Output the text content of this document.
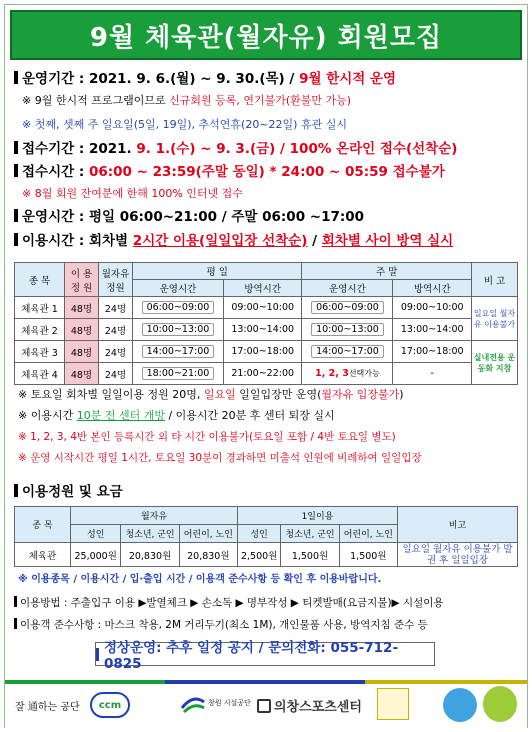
9월 체육관(월자유) 회원모집
운영기간 : 2021. 9. 6.(월) ~ 9. 30.(목) / 9월 한시적 운영
※ 9월 한시적 프로그램이므로 신규회원 등록, 연기불가(환불만 가능)
※ 첫째, 셋째 주 일요일(5일, 19일), 추석연휴(20~22일) 휴관 실시
접수기간 : 2021. 9. 1.(수) ~ 9. 3.(금) / 100% 온라인 접수(선착순)
접수시간 : 06:00 ~ 23:59(주말 동일) * 24:00 ~ 05:59 접수불가
※ 8월 회원 잔여분에 한해 100% 인터넷 접수
운영시간 : 평일 06:00~21:00 / 주말 06:00 ~17:00
이용시간 : 회차별 2시간 이용(일일입장 선착순) / 회차별 사이 방역 실시
종 목	이 용 정 원	월자유 정원	평 일		주 말		비 고
			운영시간	방역시간	운영시간	방역시간	
체육관 1	48명	24명	06:00~09:00	09:00~10:00	06:00~09:00	09:00~10:00	일요일 월자유 이용불가
체육관 2	48명	24명	10:00~13:00	13:00~14:00	10:00~13:00	13:00~14:00	
체육관 3	48명	24명	14:00~17:00	17:00~18:00	14:00~17:00	17:00~18:00	실내전용 운동화 지참
체육관 4	48명	24명	18:00~21:00	21:00~22:00	1, 2, 3선택가능	-	
※ 토요일 회차별 일일이용 정원 20명, 일요일 일일입장만 운영(월자유 입장불가)
※ 이용시간 10분 전 센터 개방 / 이용시간 20분 후 센터 퇴장 실시
※ 1, 2, 3, 4반 본인 등록시간 외 타 시간 이용불가(토요일 포함 / 4반 토요일 별도)
※ 운영 시작시간 평일 1시간, 토요일 30분이 경과하면 미출석 인원에 비례하여 일일입장
이용정원 및 요금
종 목	월자유			1일이용			비고
	성인	청소년, 군인	어린이, 노인	성인	청소년, 군인	어린이, 노인	
체육관	25,000원	20,830원	20,830원	2,500원	1,500원	1,500원	일요일 월자유 이용불가 발권 후 일일입장
※ 이용종목 / 이용시간 / 입·출입 시간 / 이용객 준수사항 등 확인 후 이용바랍니다.
이용방법 : 주출입구 이용 ▶발열체크 ▶ 손소독 ▶ 명부작성 ▶ 티켓발매(요금지불)▶ 시설이용
이용객 준수사항 : 마스크 착용, 2M 거리두기(최소 1M), 개인물품 사용, 방역지침 준수 등
정상운영: 추후 일정 공지 / 문의전화: 055-712-0825
잘 通하는 공단 ccm	창원 시설공단	의창스포츠센터
